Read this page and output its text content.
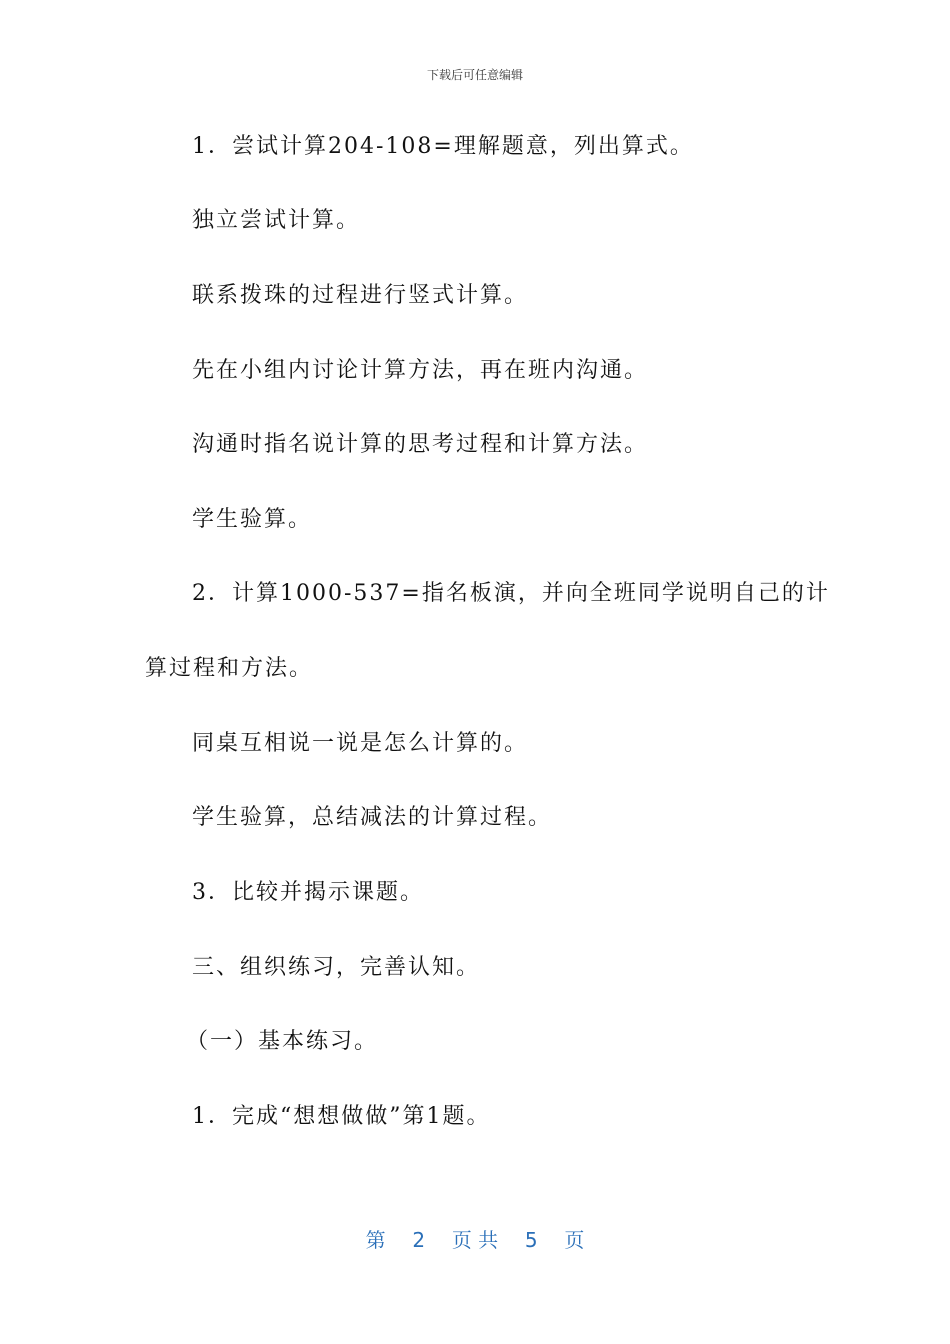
下载后可任意编辑
1．尝试计算204-108=理解题意，列出算式。
独立尝试计算。
联系拨珠的过程进行竖式计算。
先在小组内讨论计算方法，再在班内沟通。
沟通时指名说计算的思考过程和计算方法。
学生验算。
2．计算1000-537=指名板演，并向全班同学说明自己的计
算过程和方法。
同桌互相说一说是怎么计算的。
学生验算，总结减法的计算过程。
3．比较并揭示课题。
三、组织练习，完善认知。
（一）基本练习。
1．完成“想想做做”第1题。
第 2 页 共 5 页
